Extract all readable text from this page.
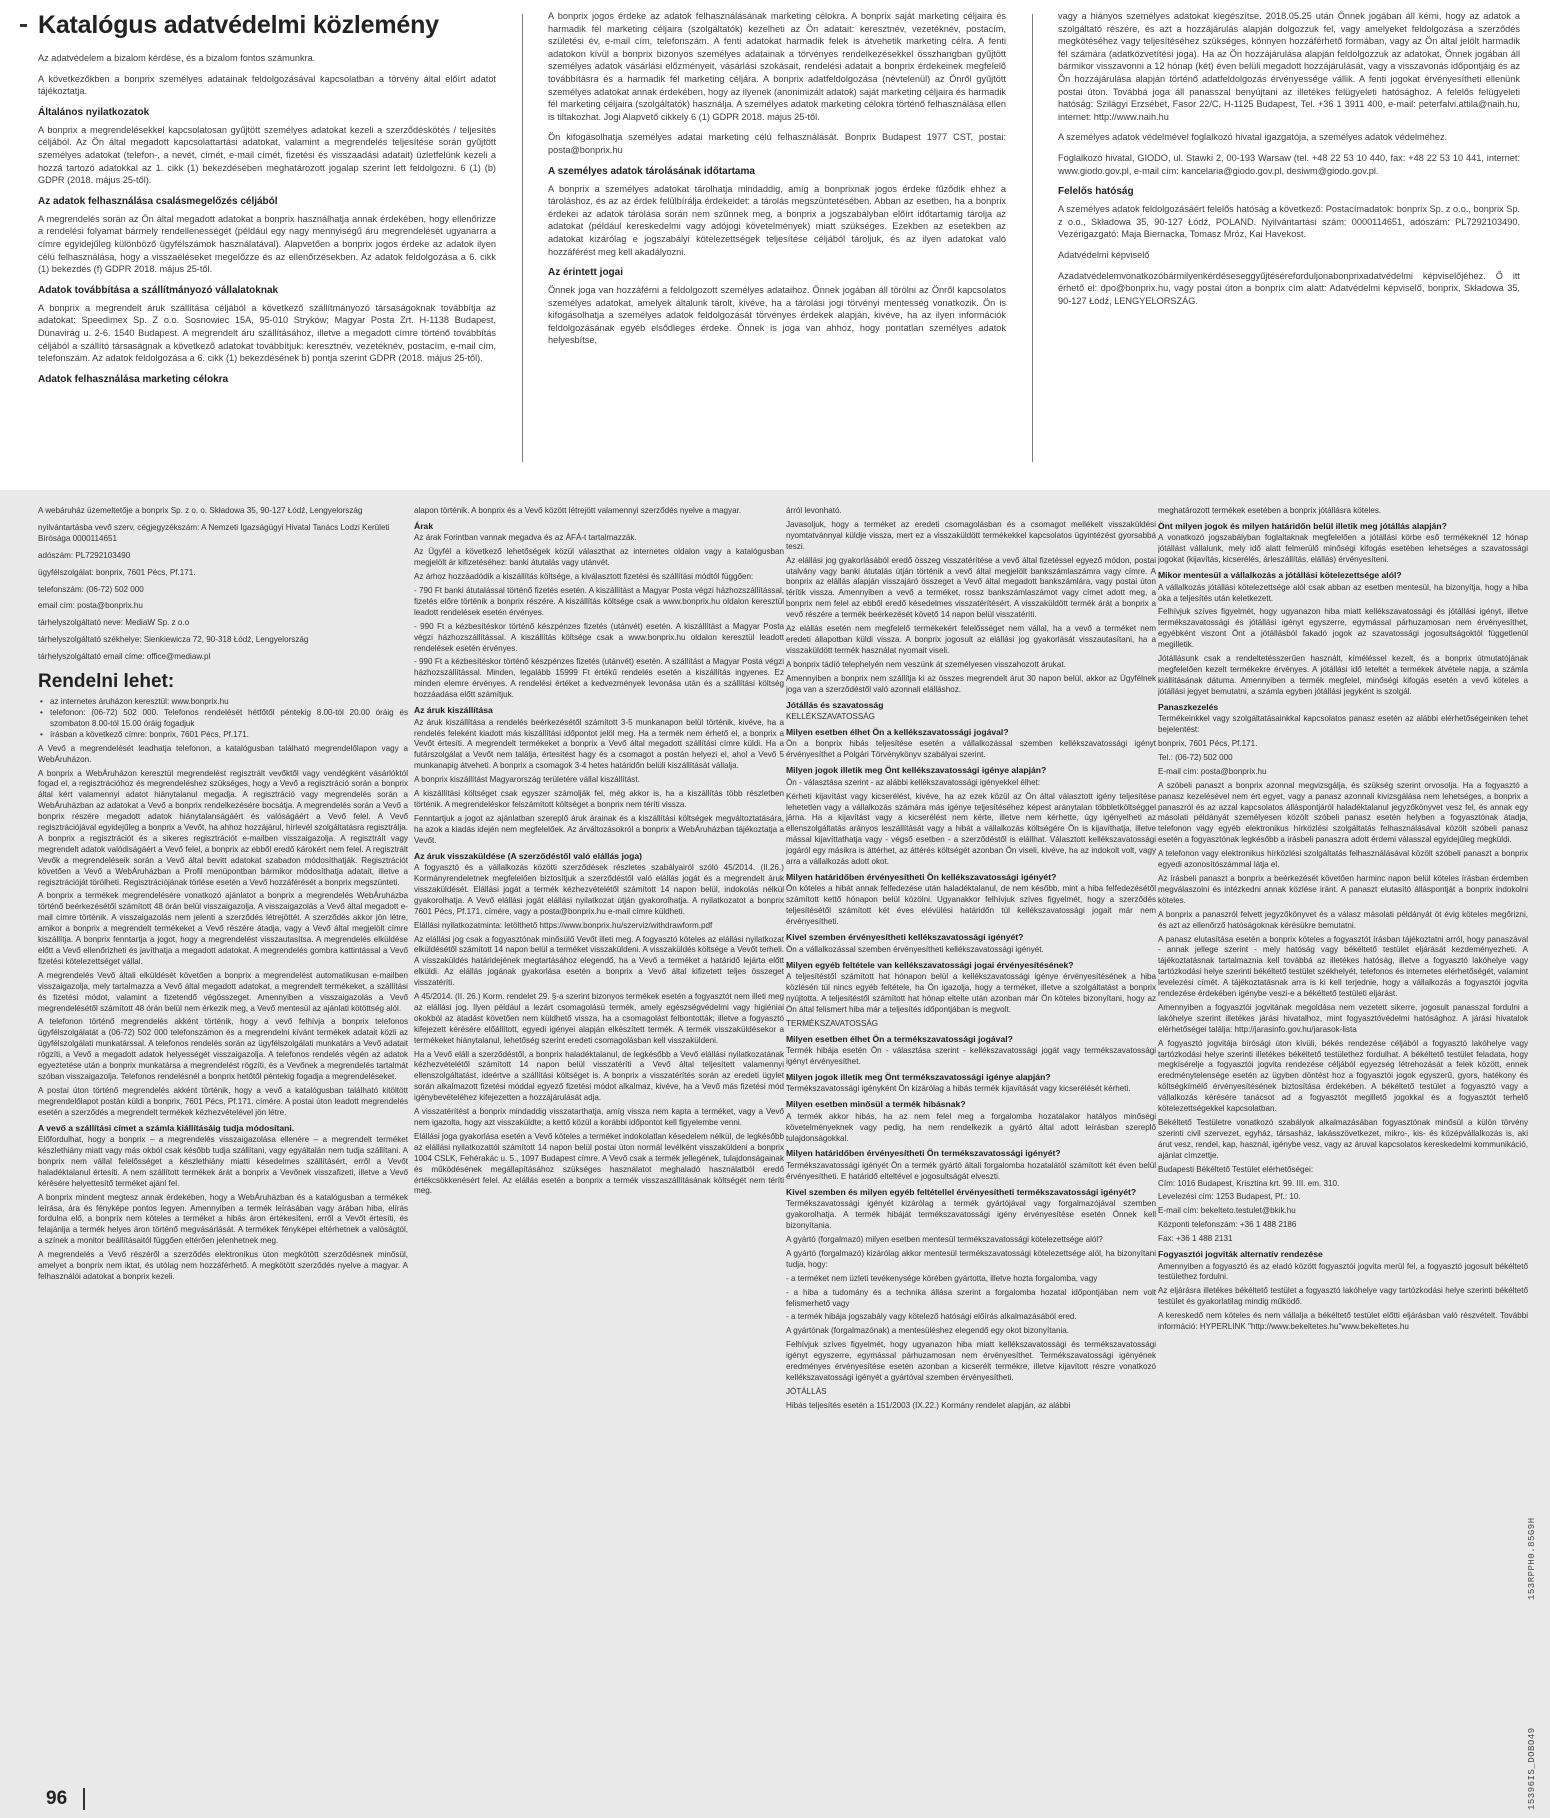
Katalógus adatvédelmi közlemény

Az adatvédelem a bizalom kérdése, és a bizalom fontos számunkra.

A következőkben a bonprix személyes adatainak feldolgozásával kapcsolatban a törvény által előírt adatot tájékoztatja.

Általános nyilatkozatok

A bonprix a megrendelésekkel kapcsolatosan gyűjtött személyes adatokat kezeli a szerződéskötés / teljesítés céljából. Az Ön által megadott kapcsolattartási adatokat, valamint a megrendelés teljesítése során gyűjtött személyes adatokat (telefon-, a nevét, címét, e-mail címét, fizetési és visszaadási adatait) üzletfelünk kezeli a hozzá tartozó adatokkal az 1. cikk (1) bekezdésében meghatározott jogalap szerint lett feldolgozni. 6 (1) (b) GDPR (2018. május 25-től).

Az adatok felhasználása csalásmegelőzés céljából

A megrendelés során az Ön által megadott adatokat a bonprix használhatja annak érdekében, hogy ellenőrizze a rendelési folyamat bármely rendellenességét (például egy nagy mennyiségű áru megrendelését ugyanarra a címre egyidejűleg különböző ügyfélszámok használatával). Alapvetően a bonprix jogos érdeke az adatok ilyen célú felhasználása, hogy a visszaéléseket megelőzze és az ellenőrzésekben. Az adatok feldolgozása a 6. cikk (1) bekezdés (f) GDPR 2018. május 25-től.

Adatok továbbítása a szállítmányozó vállalatoknak

A bonprix a megrendelt áruk szállítása céljából a következő szállítmányozó társaságoknak továbbítja az adatokat: Speedimex Sp. Z o.o. Sosnowiec 15A, 95-010 Stryków; Magyar Posta Zrt. H-1138 Budapest, Dunavirág u. 2-6. 1540 Budapest. A megrendelt áru szállításához, illetve a megadott címre történő továbbítás céljából a szállító társaságnak a következő adatokat továbbítjuk: keresztnév, vezetéknév, postacím, e-mail cím, telefonszám. Az adatok feldolgozása a 6. cikk (1) bekezdésének b) pontja szerint GDPR (2018. május 25-től).

Adatok felhasználása marketing célokra

A bonprix jogos érdeke az adatok felhasználásának marketing célokra. A bonprix saját marketing céljaira és harmadik fél marketing céljaira (szolgáltatók) kezelheti az Ön adatait: keresztnév, vezetéknév, postacím, születési év, e-mail cím, telefonszám. A fenti adatokat harmadik felek is átvehetik marketing célra. A fenti adatokon kívül a bonprix bizonyos személyes adatainak a törvényes rendelkezésekkel összhangban gyűjtött személyes adatok vásárlási előzményeit, vásárlási szokásait, rendelési adatait a bonprix érdekeinek megfelelő továbbításra és a harmadik fél marketing céljára. A bonprix adatfeldolgozása (névtelenül) az Önről gyűjtött személyes adatokat annak érdekében, hogy az ilyenek (anonimizált adatok) saját marketing céljaira és harmadik fél marketing céljaira (szolgáltatók) használja. A személyes adatok marketing célokra történő felhasználása ellen is tiltakozhat. Jogi Alapvető cikkely 6 (1) GDPR 2018. május 25-től.

Ön kifogásolhatja személyes adatai marketing célú felhasználását. Bonprix Budapest 1977 CST, postai: posta@bonprix.hu

A személyes adatok tárolásának időtartama

A bonprix a személyes adatokat tárolhatja mindaddig, amíg a bonprixnak jogos érdeke fűződik ehhez a tároláshoz, és az az érdek felülbírálja érdekeidet: a tárolás megszüntetésében. Abban az esetben, ha a bonprix érdekei az adatok tárolása során nem szűnnek meg, a bonprix a jogszabályban előírt időtartamig tárolja az adatokat (például kereskedelmi vagy adójogi követelmények) miatt szükséges. Ezekben az esetekben az adatokat kizárólag e jogszabályi kötelezettségek teljesítése céljából tároljuk, és az ilyen adatokat való hozzáférést meg kell akadályozni.

Az érintett jogai

Önnek joga van hozzáférni a feldolgozott személyes adataihoz. Önnek jogában áll törölni az Önről kapcsolatos személyes adatokat, amelyek általunk tárolt, kivéve, ha a tárolási jogi törvényi mentesség vonatkozik. Ön is kifogásolhatja a személyes adatok feldolgozását törvényes érdekek alapján, kivéve, ha az ilyen információk feldolgozásának egyéb elsődleges érdeke. Önnek is joga van ahhoz, hogy pontatlan személyes adatok helyesbítse,

vagy a hiányos személyes adatokat kiegészítse. 2018.05.25 után Önnek jogában áll kérni, hogy az adatok a szolgáltató részére, és azt a hozzájárulás alapján dolgozzuk fel, vagy amelyeket feldolgozása a szerződés megkötéséhez vagy teljesítéséhez szükséges, könnyen hozzáférhető formában, vagy az Ön által jelölt harmadik fél számára (adatközvetítési joga). Ha az Ön hozzájárulása alapján feldolgozzuk az adatokat, Önnek jogában áll bármikor visszavonni a 12 hónap (két) éven belüli megadott hozzájárulását, vagy a visszavonás időpontjáig és az Ön hozzájárulása alapján történő adatfeldolgozás érvényessége vállik. A fenti jogokat érvényesítheti ellenünk postai úton. Továbbá joga áll panasszal benyújtani az illetékes felügyeleti hatósághoz. A felelős felügyeleti hatóság: Szilágyi Erzsébet, Fasor 22/C, H-1125 Budapest, Tel. +36 1 3911 400, e-mail: peterfalvi.attila@naih.hu, internet: http://www.naih.hu

A személyes adatok védelmével foglalkozó hivatal igazgatója, a személyes adatok védelméhez.

Foglalkozó hivatal, GIODO, ul. Stawki 2, 00-193 Warsaw (tel. +48 22 53 10 440, fax: +48 22 53 10 441, internet: www.giodo.gov.pl, e-mail cím: kancelaria@giodo.gov.pl, desiwm@giodo.gov.pl.

Felelős hatóság

A személyes adatok feldolgozásáért felelős hatóság a következő: Postacímadatok: bonprix Sp. z o.o., bonprix Sp. z o.o., Składowa 35, 90-127 Łódź, POLAND. Nyilvántartási szám: 0000114651, adószám: PL7292103490. Vezérigazgató: Maja Biernacka, Tomasz Mróz, Kai Havekost.

Adatvédelmi képviselő

Azadatvédelemvonatkozóbármilyenkérdéseseggyűjtéséreforduljonabonprixadatvédelmi képviselőjéhez. Ő itt érhető el: dpo@bonprix.hu, vagy postai úton a bonprix cím alatt: Adatvédelmi képviselő, bonprix, Składowa 35, 90-127 Łódź, LENGYELORSZÁG.

A webáruház üzemeltetője a bonprix Sp. z o. o. Składowa 35, 90-127 Łódź, Lengyelország

nyilvántartásba vevő szerv, cégjegyzékszám: A Nemzeti Igazságügyi Hivatal Tanács Lodzi Kerületi Bírósága 0000114651

adószám: PL7292103490

ügyfélszolgálat: bonprix, 7601 Pécs, Pf.171.

telefonszám: (06-72) 502 000

email cím: posta@bonprix.hu

tárhelyszolgáltató neve: MediaW Sp. z o.o

tárhelyszolgáltató székhelye: Sienkiewicza 72, 90-318 Łódź, Lengyelország

tárhelyszolgáltató email címe: office@mediaw.pl

Rendelni lehet:
• az internetes áruházon keresztül: www.bonprix.hu
• telefonon: (06-72) 502 000. Telefonos rendelését hétfőtől péntekig 8.00-tól 20.00 óráig és szombaton 8.00-tól 15.00 óráig fogadjuk
• írásban a következő címre: bonprix, 7601 Pécs, Pf.171.

A Vevő a megrendelését leadhatja telefonon, a katalógusban található megrendelőlapon vagy a WebÁruházon.

A bonprix a WebÁruházon keresztül megrendelést regisztrált vevőktől vagy vendégként vásárlóktól fogad el, a regisztrációhoz és megrendeléshez szükséges, hogy a Vevő a regisztráció során a bonprix által kért valamennyi adatot hiánytalanul megadja. A regisztráció vagy megrendelés során a WebÁruházban az adatokat a Vevő a bonprix rendelkezésére bocsátja. A megrendelés során a Vevő a bonprix részére megadott adatok hiánytalanságáért és valóságáért a Vevő felel. A Vevő regisztrációjával egyidejűleg a bonprix a Vevőt, ha ahhoz hozzájárul, hírlevél szolgáltatásra regisztrálja. A bonprix a regisztrációt és a sikeres regisztrációt e-mailben visszaigazolja. A regisztrált vagy megrendelt adatok valódiságáért a Vevő felel, a bonprix az ebből eredő károkért nem felel. A regisztrált Vevők a megrendeléseik során a Vevő által bevitt adatokat szabadon módosíthatják. Regisztrációt követően a Vevő a WebÁruházban a Profil menüpontban bármikor módosíthatja adatait, illetve a regisztrációját törölheti. Regisztrációjának törlése esetén a Vevő hozzáférését a bonprix megszünteti.

A bonprix a termékek megrendelésére vonatkozó ajánlatot a bonprix a megrendelés WebÁruházba történő beérkezésétől számított 48 órán belül visszaigazolja. A visszaigazolás a Vevő által megadott e-mail címre történik. A visszaigazolás nem jelenti a szerződés létrejöttét. A szerződés akkor jön létre, amikor a bonprix a megrendelt termékeket a Vevő részére átadja, vagy a Vevő által megjelölt címre kiszállítja. A bonprix fenntartja a jogot, hogy a megrendelést visszautasítsa. A megrendelés elküldése előtt a Vevő ellenőrizheti és javíthatja a megadott adatokat. A megrendelés gombra kattintással a Vevő fizetési kötelezettséget vállal.

A megrendelés Vevő általi elküldését követően a bonprix a megrendelést automatikusan e-mailben visszaigazolja, mely tartalmazza a Vevő által megadott adatokat, a megrendelt termékeket, a szállítási és fizetési módot, valamint a fizetendő végösszeget. Amennyiben a visszaigazolás a Vevő megrendelésétől számított 48 órán belül nem érkezik meg, a Vevő mentesül az ajánlati kötöttség alól.

A telefonon történő megrendelés akként történik, hogy a vevő felhívja a bonprix telefonos ügyfélszolgálatát a (06-72) 502 000 telefonszámon és a megrendelni kívánt termékek adatait közli az ügyfélszolgálati munkatárssal. A telefonos rendelés során az ügyfélszolgálati munkatárs a Vevő adatait rögzíti, a Vevő a megadott adatok helyességét visszaigazolja. A telefonos rendelés végén az adatok egyeztetése után a bonprix munkatársa a megrendelést rögzíti, és a Vevőnek a megrendelés tartalmát szóban visszaigazolja. Telefonos rendelésnél a bonprix hetőtől péntekig fogadja a megrendeléseket.

A postai úton történő megrendelés akként történik, hogy a vevő a katalógusban található kitöltött megrendelőlapot postán küldi a bonprix, 7601 Pécs, Pf.171. címére. A postai úton leadott megrendelés esetén a szerződés a megrendelt termékek kézhezvételével jön létre.

A vevő a szállítási címet a számla kiállításáig tudja módosítani.

Előfordulhat, hogy a bonprix – a megrendelés visszaigazolása ellenére – a megrendelt terméket készlethiány miatt vagy más okból csak később tudja szállítani, vagy egyáltalán nem tudja szállítani. A bonprix nem vállal felelősséget a készlethiány miatti késedelmes szállításért, erről a Vevőt haladéktalanul értesíti. A nem szállított termékek árát a bonprix a Vevőnek visszafizeti, illetve a Vevő kérésére helyettesítő terméket ajánl fel.

A bonprix mindent megtesz annak érdekében, hogy a WebÁruházban és a katalógusban a termékek leírása, ára és fényképe pontos legyen. Amennyiben a termék leírásában vagy árában hiba, elírás fordulna elő, a bonprix nem köteles a terméket a hibás áron értékesíteni, erről a Vevőt értesíti, és felajánlja a termék helyes áron történő megvásárlását. A termékek fényképei eltérhetnek a valóságtól, a színek a monitor beállításaitól függően eltérően jelenhetnek meg.

A megrendelés a Vevő részéről a szerződés elektronikus úton megkötött szerződésnek minősül, amelyet a bonprix nem iktat, és utólag nem hozzáférhető. A megkötött szerződés nyelve a magyar. A felhasználói adatokat a bonprix kezeli.

alapon történik. A bonprix és a Vevő között létrejött valamennyi szerződés nyelve a magyar.

Árak

Az árak Forintban vannak megadva és az ÁFÁ-t tartalmazzák.

Az Ügyfél a következő lehetőségek közül választhat az internetes oldalon vagy a katalógusban megjelölt ár kifizetéséhez: banki átutalás vagy utánvét.

Az árhoz hozzáadódik a kiszállítás költsége, a kiválasztott fizetési és szállítási módtól függően:

- 790 Ft banki átutalással történő fizetés esetén. A kiszállítást a Magyar Posta végzi házhozszállítással, fizetés előre történik a bonprix részére. A kiszállítás költsége csak a www.bonprix.hu oldalon keresztül leadott rendelések esetén érvényes.

- 990 Ft a kézbesítéskor történő készpénzes fizetés (utánvét) esetén. A kiszállítást a Magyar Posta végzi házhozszállítással. A kiszállítás költsége csak a www.bonprix.hu oldalon keresztül leadott rendelések esetén érvényes.

- 990 Ft a kézbesítéskor történő készpénzes fizetés (utánvét) esetén. A szállítást a Magyar Posta végzi házhozszállítással. Minden, legalább 15999 Ft értékű rendelés esetén a kiszállítás ingyenes. Ez minden elemre érvényes. A rendelési értéket a kedvezmények levonása után és a szállítási költség hozzáadása előtt számítjuk.

Az áruk kiszállítása

Az áruk kiszállítása a rendelés beérkezésétől számított 3-5 munkanapon belül történik, kivéve, ha a rendelés feleként kiadott más kiszállítási időpontot jelöl meg. Ha a termék nem érhető el, a bonprix a Vevőt értesíti. A megrendelt termékeket a bonprix a Vevő által megadott szállítási címre küldi. Ha a futárszolgálat a Vevőt nem találja, értesítést hagy és a csomagot a postán helyezi el, ahol a Vevő 5 munkanapig átveheti. A bonprix a csomagok 3-4 hetes határidőn belüli kiszállítását vállalja.

A bonprix kiszállítást Magyarország területére vállal kiszállítást.

A kiszállítási költséget csak egyszer számolják fel, még akkor is, ha a kiszállítás több részletben történik. A megrendeléskor felszámított költséget a bonprix nem téríti vissza.

Fenntartjuk a jogot az ajánlatban szereplő áruk árainak és a kiszállítási költségek megváltoztatására, ha azok a kiadás idején nem megfelelőek. Az árváltozásokról a bonprix a WebÁruházban tájékoztatja a Vevőt.

Az áruk visszaküldése (A szerződéstől való elállás joga)

A fogyasztó és a vállalkozás közötti szerződések részletes szabályairól szóló 45/2014. (II.26.) Kormányrendeletnek megfelelően biztosítjuk a szerződéstől való elállás jogát és a megrendelt áruk visszaküldését. Elállási jogát a termék kézhezvételétől számított 14 napon belül, indokolás nélkül gyakorolhatja. A Vevő elállási jogát elállási nyilatkozat útján gyakorolhatja. A nyilatkozatot a bonprix 7601 Pécs, Pf.171. címére, vagy a posta@bonprix.hu e-mail címre küldheti.

Elállási nyilatkozatminta: letölthető https://www.bonprix.hu/szerviz/withdrawform.pdf

Az elállási jog csak a fogyasztónak minősülő Vevőt illeti meg. A fogyasztó köteles az elállási nyilatkozat elküldésétől számított 14 napon belül a terméket visszaküldeni. A visszaküldés költsége a Vevőt terheli. A visszaküldés határidejének megtartásához elegendő, ha a Vevő a terméket a határidő lejárta előtt elküldi. Az elállás jogának gyakorlása esetén a bonprix a Vevő által kifizetett teljes összeget visszatéríti.

A 45/2014. (II. 26.) Korm. rendelet 29. §-a szerint bizonyos termékek esetén a fogyasztót nem illeti meg az elállási jog. Ilyen például a lezárt csomagolású termék, amely egészségvédelmi vagy higiéniai okokból az átadást követően nem küldhető vissza, ha a csomagolást felbontották; illetve a fogyasztó kifejezett kérésére előállított, egyedi igényei alapján elkészített termék. A termék visszaküldésekor a termékeket hiánytalanul, lehetőség szerint eredeti csomagolásban kell visszaküldeni.

Ha a Vevő eláll a szerződéstől, a bonprix haladéktalanul, de legkésőbb a Vevő elállási nyilatkozatának kézhezvételétől számított 14 napon belül visszatéríti a Vevő által teljesített valamennyi ellenszolgáltatást, ideértve a szállítási költséget is. A bonprix a visszatérítés során az eredeti ügylet során alkalmazott fizetési móddal egyező fizetési módot alkalmaz, kivéve, ha a Vevő más fizetési mód igénybevételéhez kifejezetten a hozzájárulását adja.

A visszatérítést a bonprix mindaddig visszatarthatja, amíg vissza nem kapta a terméket, vagy a Vevő nem igazolta, hogy azt visszaküldte; a kettő közül a korábbi időpontot kell figyelembe venni.

Elállási joga gyakorlása esetén a Vevő köteles a terméket indokolatlan késedelem nélkül, de legkésőbb az elállási nyilatkozattól számított 14 napon belül postai úton normál levélként visszaküldeni a bonprix 1004 CSLK, Fehérakác u. 5., 1097 Budapest címre. A Vevő csak a termék jellegének, tulajdonságainak és működésének megállapításához szükséges használatot meghaladó használatból eredő értékcsökkenésért felel. Az elállás esetén a bonprix a termék visszaszállításának költségét nem téríti meg.

árról levonható.

Javasoljuk, hogy a terméket az eredeti csomagolásban és a csomagot mellékelt visszaküldési nyomtatvánnyal küldje vissza, mert ez a visszaküldött termékekkel kapcsolatos ügyintézést gyorsabbá teszi.

Az elállási jog gyakorlásából eredő összeg visszatérítése a vevő által fizetéssel egyező módon, postai utalvány vagy banki átutalás útján történik a vevő által megjelölt bankszámlaszámra vagy címre. A bonprix az elállás alapján visszajáró összeget a Vevő által megadott bankszámlára, vagy postai úton térítik vissza. Amennyiben a vevő a terméket, rossz bankszámlaszámot vagy címet adott meg, a bonprix nem felel az ebből eredő késedelmes visszatérítésért. A visszaküldött termék árát a bonprix a vevő részére a termék beérkezését követő 14 napon belül visszatéríti.

Az elállás esetén nem megfelelő termékekért felelősséget nem vállal, ha a vevő a terméket nem eredeti állapotban küldi vissza. A bonprix jogosult az elállási jog gyakorlását visszautasítani, ha a visszaküldött termék használat nyomait viseli.

A bonprix tádíó telephelyén nem veszünk át személyesen visszahozott árukat.

Amennyiben a bonprix nem szállítja ki az összes megrendelt árut 30 napon belül, akkor az Ügyfélnek joga van a szerződéstől való azonnali elálláshoz.

Jótállás és szavatosság

KELLÉKSZAVATOSSÁG

Milyen esetben élhet Ön a kellékszavatossági jogával?

Ön a bonprix hibás teljesítése esetén a vállalkozással szemben kellékszavatossági igényt érvényesíthet a Polgári Törvénykönyv szabályai szerint.

Milyen jogok illetik meg Önt kellékszavatossági igénye alapján?

Ön - választása szerint - az alábbi kellékszavatossági igényekkel élhet:

Kérheti kijavítást vagy kicserélést, kivéve, ha az ezek közül az Ön által választott igény teljesítése lehetetlen vagy a vállalkozás számára más igénye teljesítéséhez képest aránytalan többletköltséggel járna. Ha a kijavítást vagy a kicserélést nem kérte, illetve nem kérhette, úgy igényelheti az ellenszolgáltatás arányos leszállítását vagy a hibát a vállalkozás költségére Ön is kijavíthatja, illetve mással kijavíttathatja vagy - végső esetben - a szerződéstől is elállhat. Választott kellékszavatossági jogáról egy másikra is áttérhet, az áttérés költségét azonban Ön viseli, kivéve, ha az indokolt volt, vagy arra a vállalkozás adott okot.

Milyen határidőben érvényesítheti Ön kellékszavatossági igényét?

Ön köteles a hibát annak felfedezése után haladéktalanul, de nem később, mint a hiba felfedezésétől számított kettő hónapon belül közölni. Ugyanakkor felhívjuk szíves figyelmét, hogy a szerződés teljesítésétől számított két éves elévülési határidőn túl kellékszavatossági jogait már nem érvényesítheti.

Kivel szemben érvényesítheti kellékszavatossági igényét?

Ön a vállalkozással szemben érvényesítheti kellékszavatossági igényét.

Milyen egyéb feltétele van kellékszavatossági jogai érvényesítésének?

A teljesítéstől számított hat hónapon belül a kellékszavatossági igénye érvényesítésének a hiba közlésén túl nincs egyéb feltétele, ha Ön igazolja, hogy a terméket, illetve a szolgáltatást a bonprix nyújtotta. A teljesítéstől számított hat hónap eltelte után azonban már Ön köteles bizonyítani, hogy az Ön által felismert hiba már a teljesítés időpontjában is megvolt.

TERMÉKSZAVATOSSÁG

Milyen esetben élhet Ön a termékszavatossági jogával?

Termék hibája esetén Ön - választása szerint - kellékszavatossági jogát vagy termékszavatossági igényt érvényesíthet.

Milyen jogok illetik meg Önt termékszavatossági igénye alapján?

Termékszavatossági igényként Ön kizárólag a hibás termék kijavítását vagy kicserélését kérheti.

Milyen esetben minősül a termék hibásnak?

A termék akkor hibás, ha az nem felel meg a forgalomba hozatalakor hatályos minőségi követelményeknek vagy pedig, ha nem rendelkezik a gyártó által adott leírásban szereplő tulajdonságokkal.

Milyen határidőben érvényesítheti Ön termékszavatossági igényét?

Termékszavatossági igényét Ön a termék gyártó általi forgalomba hozatalától számított két éven belül érvényesítheti. E határidő elteltével e jogosultságát elveszti.

Kivel szemben és milyen egyéb feltétellel érvényesítheti termékszavatossági igényét?

Termékszavatossági igényét kizárólag a termék gyártójával vagy forgalmazójával szemben gyakorolhatja. A termék hibáját termékszavatossági igény érvényesítése esetén Önnek kell bizonyítania.

A gyártó (forgalmazó) milyen esetben mentesül termékszavatossági kötelezettsége alól?

A gyártó (forgalmazó) kizárólag akkor mentesül termékszavatossági kötelezettsége alól, ha bizonyítani tudja, hogy:

- a terméket nem üzleti tevékenysége körében gyártotta, illetve hozta forgalomba, vagy

- a hiba a tudomány és a technika állása szerint a forgalomba hozatal időpontjában nem volt felismerhető vagy

- a termék hibája jogszabály vagy kötelező hatósági előírás alkalmazásából ered.

A gyártónak (forgalmazónak) a mentesüléshez elegendő egy okot bizonyítania.

Felhívjuk szíves figyelmét, hogy ugyanazon hiba miatt kellékszavatossági és termékszavatossági igényt egyszerre, egymással párhuzamosan nem érvényesíthet. Termékszavatossági igényének eredményes érvényesítése esetén azonban a kicserélt termékre, illetve kijavított részre vonatkozó kellékszavatossági igényét a gyártóval szemben érvényesítheti.

JÓTÁLLÁS

Hibás teljesítés esetén a 151/2003 (IX.22.) Kormány rendelet alapján, az alábbi

meghatározott termékek esetében a bonprix jótállásra köteles.

Önt milyen jogok és milyen határidőn belül illetik meg jótállás alapján?

A vonatkozó jogszabályban foglaltaknak megfelelően a jótállási körbe eső termékeknél 12 hónap jótállást vállalunk, mely idő alatt felmerülő minőségi kifogás esetében lehetséges a szavatossági jogokat (kijavítás, kicserélés, árleszállítás, elállás) érvényesíteni.

Mikor mentesül a vállalkozás a jótállási kötelezettsége alól?

A vállalkozás jótállási kötelezettsége alól csak abban az esetben mentesül, ha bizonyítja, hogy a hiba oka a teljesítés után keletkezett.

Felhívjuk szíves figyelmét, hogy ugyanazon hiba miatt kellékszavatossági és jótállási igényt, illetve termékszavatossági és jótállási igényt egyszerre, egymással párhuzamosan nem érvényesíthet, egyébként viszont Önt a jótállásból fakadó jogok az szavatossági jogosultságoktól függetlenül megilletik.

Jótállásunk csak a rendeltetésszerűen használt, kíméléssel kezelt, és a bonprix útmutatójának megfelelően kezelt termékekre érvényes. A jótállási idő leteltét a termékek átvétele napja, a számla kiállításának dátuma. Amennyiben a termék megfelel, minőségi kifogás esetén a vevő köteles a jótállási jegyet bemutatni, a számla egyben jótállási jegyként is szolgál.

Panaszkezelés

Termékeinkkel vagy szolgáltatásainkkal kapcsolatos panasz esetén az alábbi elérhetőségeinken tehet bejelentést:

bonprix, 7601 Pécs, Pf.171.

Tel.: (06-72) 502 000

E-mail cím: posta@bonprix.hu

A szóbeli panaszt a bonprix azonnal megvizsgálja, és szükség szerint orvosolja. Ha a fogyasztó a panasz kezelésével nem ért egyet, vagy a panasz azonnali kivizsgálása nem lehetséges, a bonprix a panaszról és az azzal kapcsolatos álláspontjáról haladéktalanul jegyzőkönyvet vesz fel, és annak egy másolati példányát személyesen közölt szóbeli panasz esetén helyben a fogyasztónak átadja, telefonon vagy egyéb elektronikus hírközlési szolgáltatás felhasználásával közölt szóbeli panasz esetén a fogyasztónak legkésőbb a írásbeli panaszra adott érdemi válasszal egyidejűleg megküldi.

A telefonon vagy elektronikus hírközlési szolgáltatás felhasználásával közölt szóbeli panaszt a bonprix egyedi azonosítószámmal látja el.

Az írásbeli panaszt a bonprix a beérkezését követően harminc napon belül köteles írásban érdemben megválaszolni és intézkedni annak közlése iránt. A panaszt elutasító álláspontját a bonprix indokolni köteles.

A bonprix a panaszról felvett jegyzőkönyvet és a válasz másolati példányát öt évig köteles megőrizni, és azt az ellenőrző hatóságoknak kérésükre bemutatni.

A panasz elutasítása esetén a bonprix köteles a fogyasztót írásban tájékoztatni arról, hogy panaszával - annak jellege szerint - mely hatóság vagy békéltető testület eljárását kezdeményezheti. A tájékoztatásnak tartalmaznia kell továbbá az illetékes hatóság, illetve a fogyasztó lakóhelye vagy tartózkodási helye szerinti békéltető testület székhelyét, telefonos és internetes elérhetőségét, valamint levelezési címét. A tájékoztatásnak arra is ki kell terjednie, hogy a vállalkozás a fogyasztói jogvita rendezése érdekében igénybe veszi-e a békéltető testületi eljárást.

Amennyiben a fogyasztói jogvitának megoldása nem vezetett sikerre, jogosult panasszal fordulni a lakóhelye szerint illetékes járási hivatalhoz, mint fogyasztóvédelmi hatósághoz. A járási hivatalok elérhetőségei találja: http://jarasinfo.gov.hu/jarasok-lista

A fogyasztó jogvitája bírósági úton kívüli, békés rendezése céljából a fogyasztó lakóhelye vagy tartózkodási helye szerinti illetékes békéltető testülethez fordulhat. A békéltető testület feladata, hogy megkísérelje a fogyasztói jogvita rendezése céljából egyezség létrehozását a felek között, ennek eredménytelensége esetén az ügyben döntést hoz a fogyasztói jogok egyszerű, gyors, hatékony és költségkímélő érvényesítésének biztosítása érdekében. A békéltető testület a fogyasztó vagy a vállalkozás kérésére tanácsot ad a fogyasztót megillető jogokkal és a fogyasztót terhelő kötelezettségekkel kapcsolatban.

Békéltető Testületre vonatkozó szabályok alkalmazásában fogyasztónak minősül a külön törvény szerinti civil szervezet, egyház, társasház, lakásszövetkezet, mikro-, kis- és középvállalkozás is, aki árut vesz, rendel, kap, használ, igénybe vesz, vagy az áruval kapcsolatos kereskedelmi kommunikáció, ajánlat címzettje.

Budapesti Békéltető Testület elérhetőségei:

Cím: 1016 Budapest, Krisztina krt. 99. III. em. 310.

Levelezési cím: 1253 Budapest, Pf.: 10.

E-mail cím: bekelteto.testulet@bkik.hu

Központi telefonszám: +36 1 488 2186

Fax: +36 1 488 2131

Fogyasztói jogviták alternatív rendezése

Amennyiben a fogyasztó és az eladó között fogyasztói jogvita merül fel, a fogyasztó jogosult békéltető testülethez fordulni.

Az eljárásra illetékes békéltető testület a fogyasztó lakóhelye vagy tartózkodási helye szerinti békéltető testület és gyakorlatilag mindig működő.

A kereskedő nem köteles és nem vállalja a békéltető testület előtti eljárásban való részvételt. További információ: HYPERLINK "http://www.bekeltetes.hu"www.bekeltetes.hu

96
153RPPH0.85G9H
15396IS_DOBO49
